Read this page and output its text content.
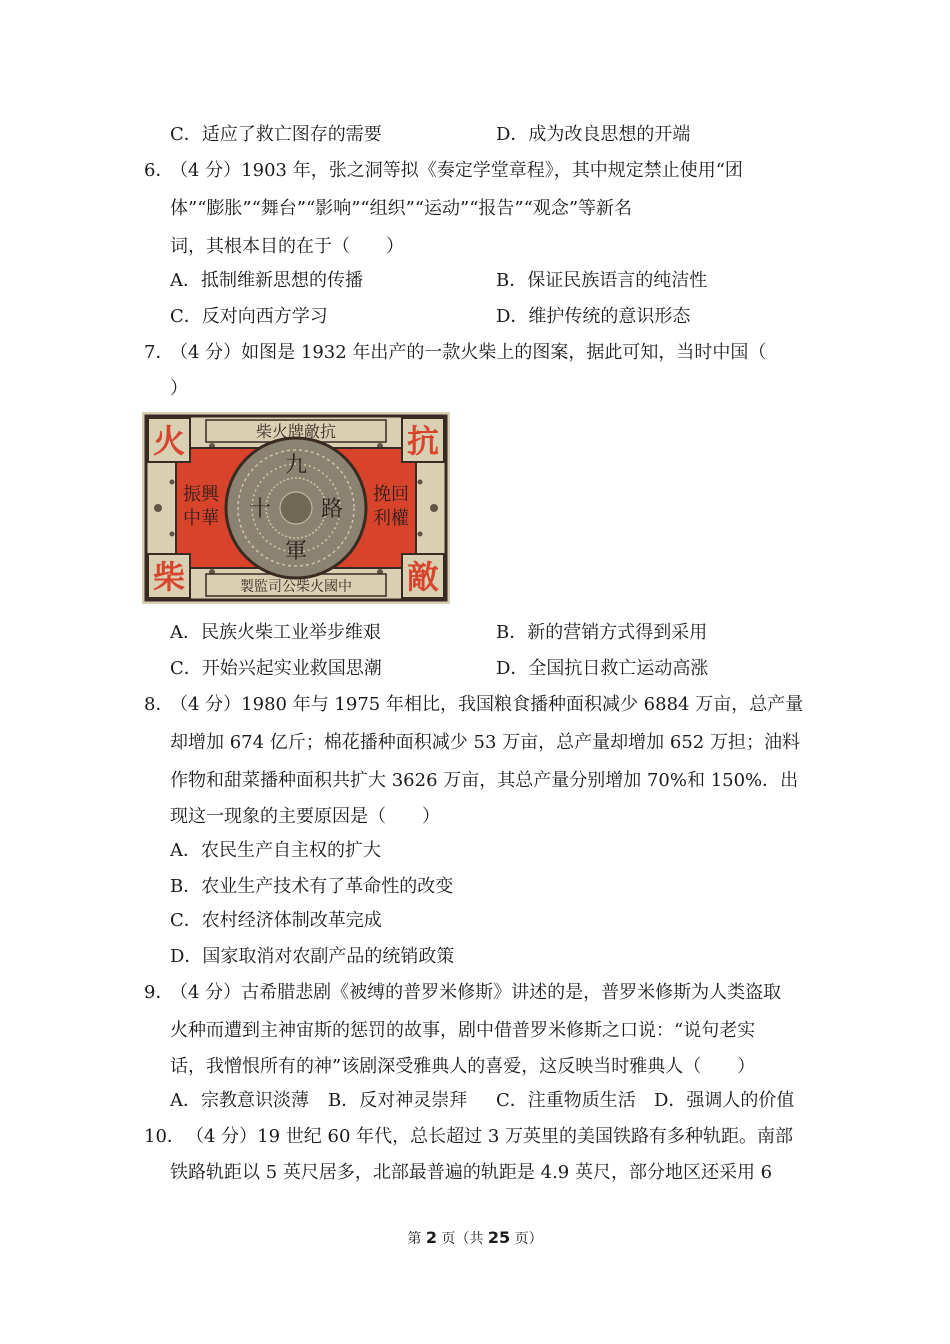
C．适应了救亡图存的需要	D．成为改良思想的开端
6．
（4 分）1903 年，张之洞等拟《奏定学堂章程》，其中规定禁止使用“团
体”“膨胀”“舞台”“影响”“组织”“运动”“报告”“观念”等新名
词，其根本目的在于（　　）
A．抵制维新思想的传播	B．保证民族语言的纯洁性
C．反对向西方学习	D．维护传统的意识形态
7．
（4 分）如图是 1932 年出产的一款火柴上的图案，据此可知，当时中国（
）
柴火牌敵抗
製監司公柴火國中
火	抗
柴	敵
振興
中華
挽回
利權
九
十 路
軍
A．民族火柴工业举步维艰	B．新的营销方式得到采用
C．开始兴起实业救国思潮	D．全国抗日救亡运动高涨
8．
（4 分）1980 年与 1975 年相比，我国粮食播种面积减少 6884 万亩，总产量
却增加 674 亿斤；棉花播种面积减少 53 万亩，总产量却增加 652 万担；油料
作物和甜菜播种面积共扩大 3626 万亩，其总产量分别增加 70%和 150%．出
现这一现象的主要原因是（　　）
A．农民生产自主权的扩大
B．农业生产技术有了革命性的改变
C．农村经济体制改革完成
D．国家取消对农副产品的统销政策
9．
（4 分）古希腊悲剧《被缚的普罗米修斯》讲述的是，普罗米修斯为人类盗取
火种而遭到主神宙斯的惩罚的故事，剧中借普罗米修斯之口说：“说句老实
话，我憎恨所有的神”该剧深受雅典人的喜爱，这反映当时雅典人（　　）
A．宗教意识淡薄 B．反对神灵崇拜 C．注重物质生活 D．强调人的价值
10． （4 分）19 世纪 60 年代，总长超过 3 万英里的美国铁路有多种轨距。南部
铁路轨距以 5 英尺居多，北部最普遍的轨距是 4.9 英尺，部分地区还采用 6
第 2 页（共 25 页）
